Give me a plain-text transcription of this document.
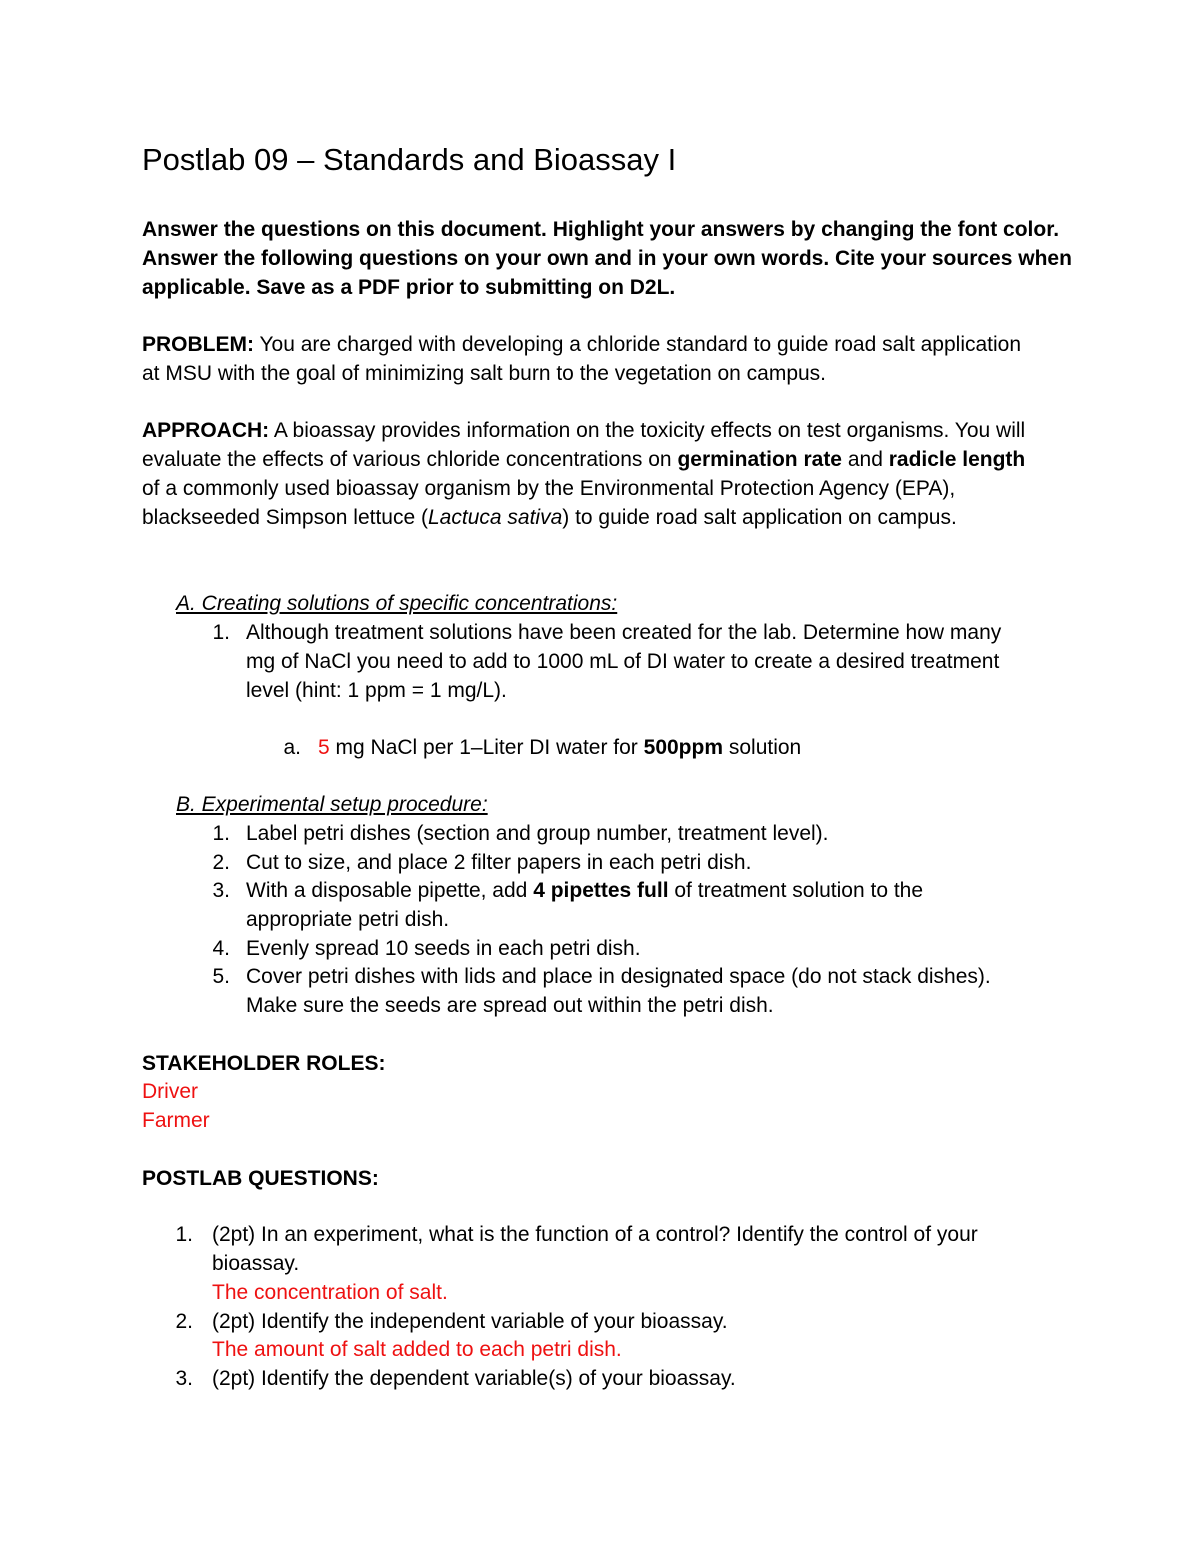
Postlab 09 – Standards and Bioassay I
Answer the questions on this document. Highlight your answers by changing the font color.
Answer the following questions on your own and in your own words. Cite your sources when
applicable. Save as a PDF prior to submitting on D2L.
PROBLEM: You are charged with developing a chloride standard to guide road salt application
at MSU with the goal of minimizing salt burn to the vegetation on campus.
APPROACH: A bioassay provides information on the toxicity effects on test organisms. You will
evaluate the effects of various chloride concentrations on germination rate and radicle length
of a commonly used bioassay organism by the Environmental Protection Agency (EPA),
blackseeded Simpson lettuce (Lactuca sativa) to guide road salt application on campus.
A. Creating solutions of specific concentrations:
1. Although treatment solutions have been created for the lab. Determine how many
mg of NaCl you need to add to 1000 mL of DI water to create a desired treatment
level (hint: 1 ppm = 1 mg/L).
a. 5 mg NaCl per 1–Liter DI water for 500ppm solution
B. Experimental setup procedure:
1. Label petri dishes (section and group number, treatment level).
2. Cut to size, and place 2 filter papers in each petri dish.
3. With a disposable pipette, add 4 pipettes full of treatment solution to the
appropriate petri dish.
4. Evenly spread 10 seeds in each petri dish.
5. Cover petri dishes with lids and place in designated space (do not stack dishes).
Make sure the seeds are spread out within the petri dish.
STAKEHOLDER ROLES:
Driver
Farmer
POSTLAB QUESTIONS:
1. (2pt) In an experiment, what is the function of a control? Identify the control of your
bioassay.
The concentration of salt.
2. (2pt) Identify the independent variable of your bioassay.
The amount of salt added to each petri dish.
3. (2pt) Identify the dependent variable(s) of your bioassay.
